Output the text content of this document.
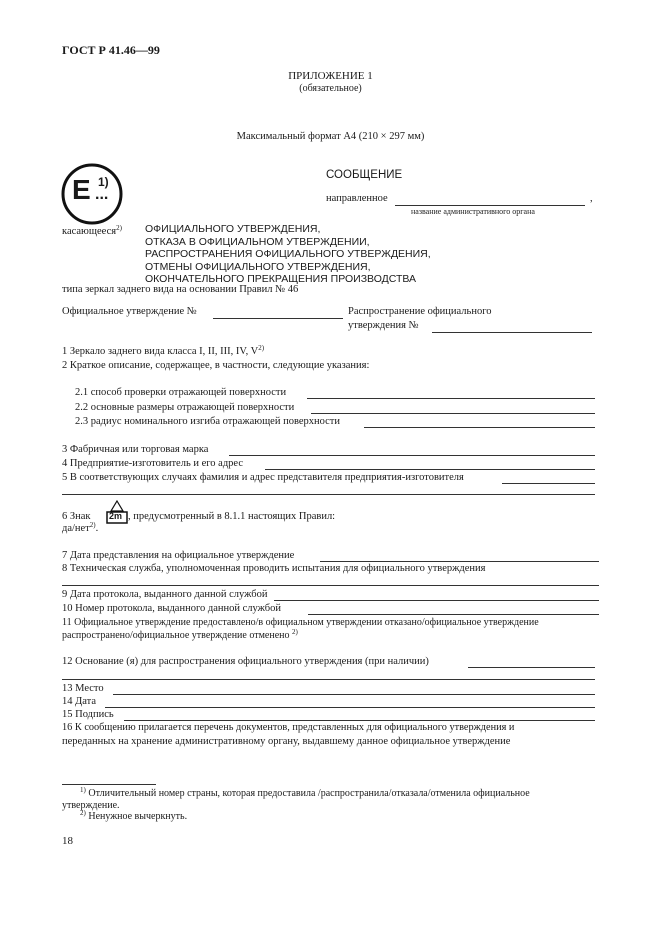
ГОСТ Р 41.46—99
ПРИЛОЖЕНИЕ 1
(обязательное)
Максимальный формат А4 (210 × 297 мм)
E 1)
...
СООБЩЕНИЕ
направленное	,
название административного органа
касающееся$^{2)}$ ОФИЦИАЛЬНОГО УТВЕРЖДЕНИЯ,
ОТКАЗА В ОФИЦИАЛЬНОМ УТВЕРЖДЕНИИ,
РАСПРОСТРАНЕНИЯ ОФИЦИАЛЬНОГО УТВЕРЖДЕНИЯ,
ОТМЕНЫ ОФИЦИАЛЬНОГО УТВЕРЖДЕНИЯ,
ОКОНЧАТЕЛЬНОГО ПРЕКРАЩЕНИЯ ПРОИЗВОДСТВА
типа зеркал заднего вида на основании Правил № 46
Официальное утверждение №	Распространение официального
утверждения №
1 Зеркало заднего вида класса I, II, III, IV, $V^{2)}$
2 Краткое описание, содержащее, в частности, следующие указания:
2.1 способ проверки отражающей поверхности
2.2 основные размеры отражающей поверхности
2.3 радиус номинального изгиба отражающей поверхности
3 Фабричная или торговая марка
4 Предприятие-изготовитель и его адрес
5 В соответствующих случаях фамилия и адрес представителя предприятия-изготовителя
6 Знак 2m , предусмотренный в 8.1.1 настоящих Правил:
да/нет$^{2)}$.
7 Дата представления на официальное утверждение
8 Техническая служба, уполномоченная проводить испытания для официального утверждения
9 Дата протокола, выданного данной службой
10 Номер протокола, выданного данной службой
11 Официальное утверждение предоставлено/в официальном утверждении отказано/официальное утверждение
распространено/официальное утверждение отменено $^{2)}$
12 Основание (я) для распространения официального утверждения (при наличии)
13 Место
14 Дата
15 Подпись
16 К сообщению прилагается перечень документов, представленных для официального утверждения и
переданных на хранение административному органу, выдавшему данное официальное утверждение
$^{1)}$ Отличительный номер страны, которая предоставила /распространила/отказала/отменила официальное
утверждение.
$^{2)}$ Ненужное вычеркнуть.
18
